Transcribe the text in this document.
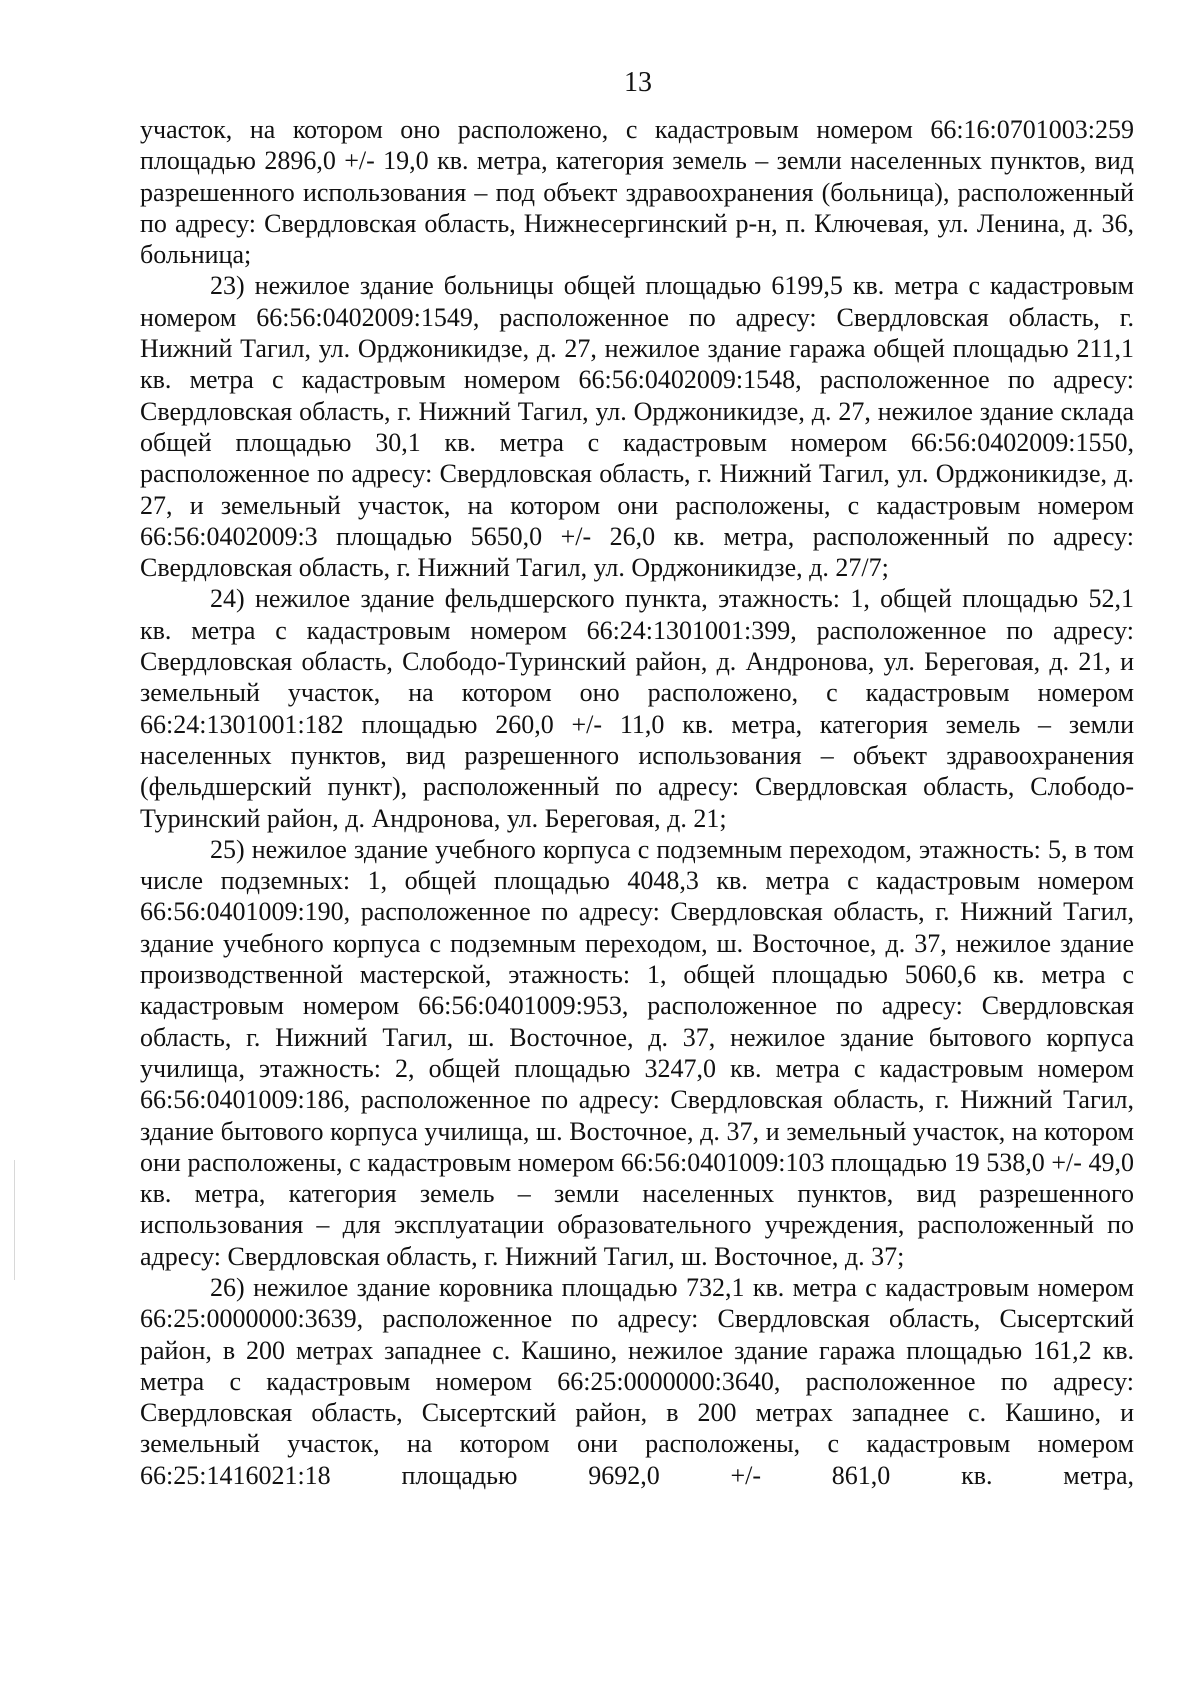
13

участок, на котором оно расположено, с кадастровым номером 66:16:0701003:259 площадью 2896,0 +/- 19,0 кв. метра, категория земель – земли населенных пунктов, вид разрешенного использования – под объект здравоохранения (больница), расположенный по адресу: Свердловская область, Нижнесергинский р-н, п. Ключевая, ул. Ленина, д. 36, больница;

23) нежилое здание больницы общей площадью 6199,5 кв. метра с кадастровым номером 66:56:0402009:1549, расположенное по адресу: Свердловская область, г. Нижний Тагил, ул. Орджоникидзе, д. 27, нежилое здание гаража общей площадью 211,1 кв. метра с кадастровым номером 66:56:0402009:1548, расположенное по адресу: Свердловская область, г. Нижний Тагил, ул. Орджоникидзе, д. 27, нежилое здание склада общей площадью 30,1 кв. метра с кадастровым номером 66:56:0402009:1550, расположенное по адресу: Свердловская область, г. Нижний Тагил, ул. Орджоникидзе, д. 27, и земельный участок, на котором они расположены, с кадастровым номером 66:56:0402009:3 площадью 5650,0 +/- 26,0 кв. метра, расположенный по адресу: Свердловская область, г. Нижний Тагил, ул. Орджоникидзе, д. 27/7;

24) нежилое здание фельдшерского пункта, этажность: 1, общей площадью 52,1 кв. метра с кадастровым номером 66:24:1301001:399, расположенное по адресу: Свердловская область, Слободо-Туринский район, д. Андронова, ул. Береговая, д. 21, и земельный участок, на котором оно расположено, с кадастровым номером 66:24:1301001:182 площадью 260,0 +/- 11,0 кв. метра, категория земель – земли населенных пунктов, вид разрешенного использования – объект здравоохранения (фельдшерский пункт), расположенный по адресу: Свердловская область, Слободо-Туринский район, д. Андронова, ул. Береговая, д. 21;

25) нежилое здание учебного корпуса с подземным переходом, этажность: 5, в том числе подземных: 1, общей площадью 4048,3 кв. метра с кадастровым номером 66:56:0401009:190, расположенное по адресу: Свердловская область, г. Нижний Тагил, здание учебного корпуса с подземным переходом, ш. Восточное, д. 37, нежилое здание производственной мастерской, этажность: 1, общей площадью 5060,6 кв. метра с кадастровым номером 66:56:0401009:953, расположенное по адресу: Свердловская область, г. Нижний Тагил, ш. Восточное, д. 37, нежилое здание бытового корпуса училища, этажность: 2, общей площадью 3247,0 кв. метра с кадастровым номером 66:56:0401009:186, расположенное по адресу: Свердловская область, г. Нижний Тагил, здание бытового корпуса училища, ш. Восточное, д. 37, и земельный участок, на котором они расположены, с кадастровым номером 66:56:0401009:103 площадью 19 538,0 +/- 49,0 кв. метра, категория земель – земли населенных пунктов, вид разрешенного использования – для эксплуатации образовательного учреждения, расположенный по адресу: Свердловская область, г. Нижний Тагил, ш. Восточное, д. 37;

26) нежилое здание коровника площадью 732,1 кв. метра с кадастровым номером 66:25:0000000:3639, расположенное по адресу: Свердловская область, Сысертский район, в 200 метрах западнее с. Кашино, нежилое здание гаража площадью 161,2 кв. метра с кадастровым номером 66:25:0000000:3640, расположенное по адресу: Свердловская область, Сысертский район, в 200 метрах западнее с. Кашино, и земельный участок, на котором они расположены, с кадастровым номером 66:25:1416021:18 площадью 9692,0 +/- 861,0 кв. метра,
